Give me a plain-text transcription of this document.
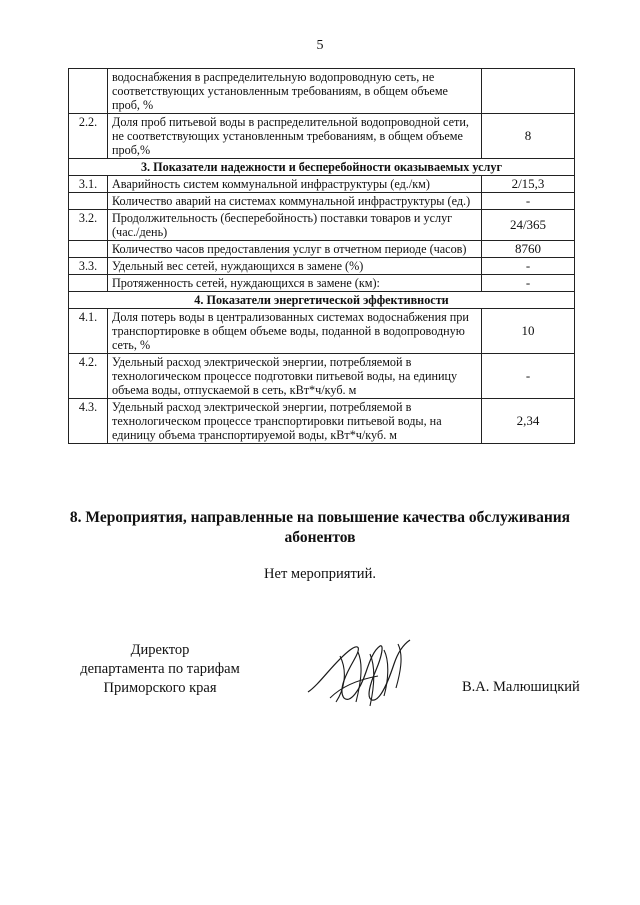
5
	водоснабжения в распределительную водопроводную сеть, не соответствующих установленным требованиям, в общем объеме проб, %	
2.2.	Доля проб питьевой воды в распределительной водопроводной сети, не соответствующих установленным требованиям, в общем объеме проб,%	8
3. Показатели надежности и бесперебойности оказываемых услуг		
3.1.	Аварийность систем коммунальной инфраструктуры (ед./км)	2/15,3
	Количество аварий на системах коммунальной инфраструктуры (ед.)	-
3.2.	Продолжительность (бесперебойность) поставки товаров и услуг (час./день)	24/365
	Количество часов предоставления услуг в отчетном периоде (часов)	8760
3.3.	Удельный вес сетей, нуждающихся в замене (%)	-
	Протяженность сетей, нуждающихся в замене (км):	-
4. Показатели энергетической эффективности		
4.1.	Доля потерь воды в централизованных системах водоснабжения при транспортировке в общем объеме воды, поданной в водопроводную сеть, %	10
4.2.	Удельный расход электрической энергии, потребляемой в технологическом процессе подготовки питьевой воды, на единицу объема воды, отпускаемой в сеть, кВт*ч/куб. м	-
4.3.	Удельный расход электрической энергии, потребляемой в технологическом процессе транспортировки питьевой воды, на единицу объема транспортируемой воды, кВт*ч/куб. м	2,34
8. Мероприятия, направленные на повышение качества обслуживания
абонентов
Нет мероприятий.
Директор
департамента по тарифам
Приморского края	В.А. Малюшицкий
